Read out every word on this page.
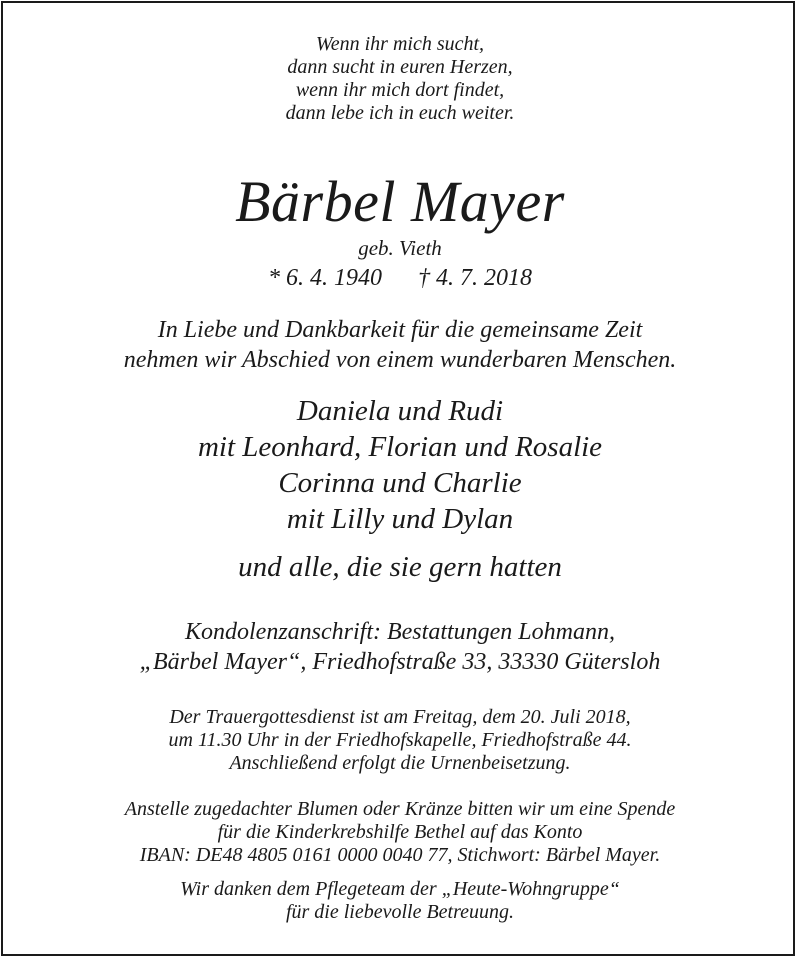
Wenn ihr mich sucht,
dann sucht in euren Herzen,
wenn ihr mich dort findet,
dann lebe ich in euch weiter.
Bärbel Mayer
geb. Vieth
* 6. 4. 1940 † 4. 7. 2018
In Liebe und Dankbarkeit für die gemeinsame Zeit
nehmen wir Abschied von einem wunderbaren Menschen.
Daniela und Rudi
mit Leonhard, Florian und Rosalie
Corinna und Charlie
mit Lilly und Dylan
und alle, die sie gern hatten
Kondolenzanschrift: Bestattungen Lohmann,
„Bärbel Mayer“, Friedhofstraße 33, 33330 Gütersloh
Der Trauergottesdienst ist am Freitag, dem 20. Juli 2018,
um 11.30 Uhr in der Friedhofskapelle, Friedhofstraße 44.
Anschließend erfolgt die Urnenbeisetzung.
Anstelle zugedachter Blumen oder Kränze bitten wir um eine Spende
für die Kinderkrebshilfe Bethel auf das Konto
IBAN: DE48 4805 0161 0000 0040 77, Stichwort: Bärbel Mayer.
Wir danken dem Pflegeteam der „Heute-Wohngruppe“
für die liebevolle Betreuung.
